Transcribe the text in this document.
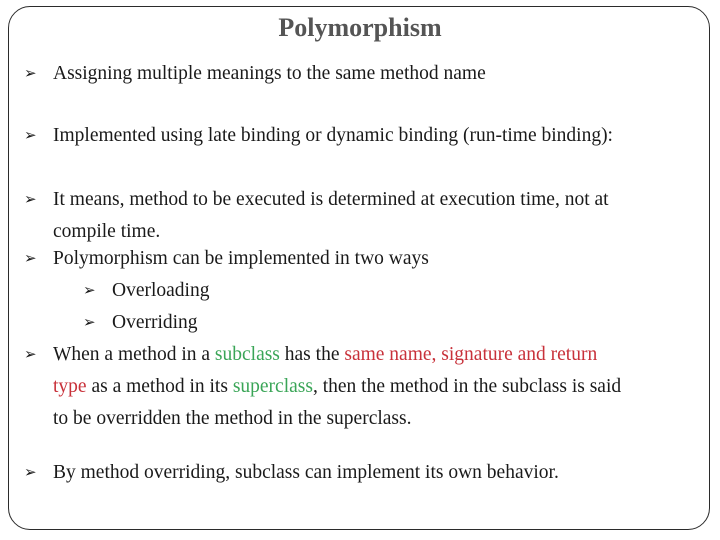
Polymorphism
➢ Assigning multiple meanings to the same method name
➢ Implemented using late binding or dynamic binding (run-time binding):
➢ It means, method to be executed is determined at execution time, not at
compile time.
➢ Polymorphism can be implemented in two ways
➢ Overloading
➢ Overriding
➢ When a method in a subclass has the same name, signature and return
type as a method in its superclass, then the method in the subclass is said
to be overridden the method in the superclass.
➢ By method overriding, subclass can implement its own behavior.
